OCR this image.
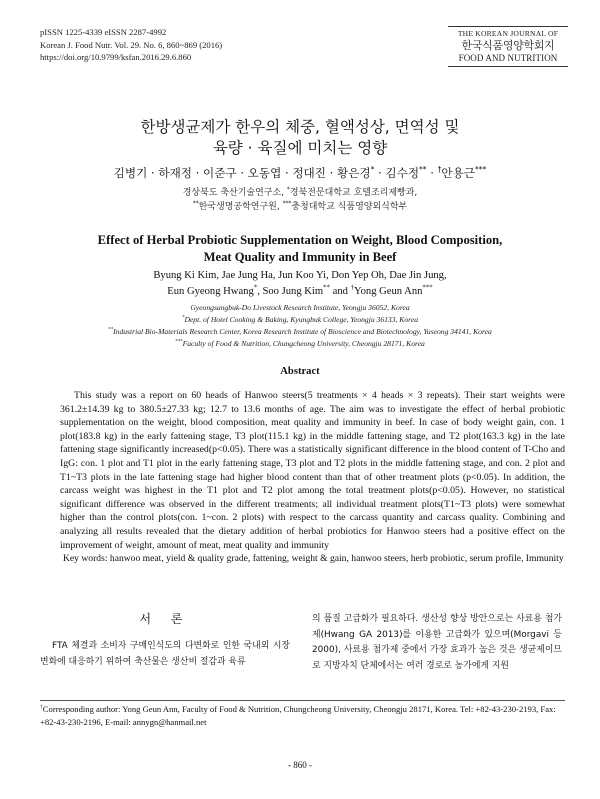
pISSN 1225-4339 eISSN 2287-4992
Korean J. Food Nutr. Vol. 29. No. 6, 860~869 (2016)
https://doi.org/10.9799/ksfan.2016.29.6.860
THE KOREAN JOURNAL OF
한국식품영양학회지
FOOD AND NUTRITION
한방생균제가 한우의 체중, 혈액성상, 면역성 및
육량 · 육질에 미치는 영향
김병기 · 하재정 · 이준구 · 오동엽 · 정대진 · 황은경* · 김수정** · †안용근***
경상북도 축산기술연구소, *경북전문대학교 호텔조리제빵과,
**한국생명공학연구원, ***충청대학교 식품영양외식학부
Effect of Herbal Probiotic Supplementation on Weight, Blood Composition,
Meat Quality and Immunity in Beef
Byung Ki Kim, Jae Jung Ha, Jun Koo Yi, Don Yep Oh, Dae Jin Jung,
Eun Gyeong Hwang*, Soo Jung Kim** and †Yong Geun Ann***
Gyeongsangbuk-Do Livestock Research Institute, Yeongju 36052, Korea
*Dept. of Hotel Cooking & Baking, Kyungbuk College, Yeongju 36133, Korea
**Industrial Bio-Materials Research Center, Korea Research Institute of Bioscience and Biotechnology, Yuseong 34141, Korea
***Faculty of Food & Nutrition, Chungcheong University, Cheongju 28171, Korea
Abstract
This study was a report on 60 heads of Hanwoo steers(5 treatments × 4 heads × 3 repeats). Their start weights were 361.2±14.39 kg to 380.5±27.33 kg; 12.7 to 13.6 months of age. The aim was to investigate the effect of herbal probiotic supplementation on the weight, blood composition, meat quality and immunity in beef. In case of body weight gain, con. 1 plot(183.8 kg) in the early fattening stage, T3 plot(115.1 kg) in the middle fattening stage, and T2 plot(163.3 kg) in the late fattening stage significantly increased(p<0.05). There was a statistically significant difference in the blood content of T-Cho and IgG: con. 1 plot and T1 plot in the early fattening stage, T3 plot and T2 plots in the middle fattening stage, and con. 2 plot and T1~T3 plots in the late fattening stage had higher blood content than that of other treatment plots (p<0.05). In addition, the carcass weight was highest in the T1 plot and T2 plot among the total treatment plots(p<0.05). However, no statistical significant difference was observed in the different treatments; all individual treatment plots(T1~T3 plots) were somewhat higher than the control plots(con. 1~con. 2 plots) with respect to the carcass quantity and carcass quality. Combining and analyzing all results revealed that the dietary addition of herbal probiotics for Hanwoo steers had a positive effect on the improvement of weight, amount of meat, meat quality and immunity
Key words: hanwoo meat, yield & quality grade, fattening, weight & gain, hanwoo steers, herb probiotic, serum profile, Immunity
서 론

FTA 체결과 소비자 구매인식도의 다변화로 인한 국내외 시장 변화에 대응하기 위하여 축산물은 생산비 절감과 육류

의 품질 고급화가 필요하다. 생산성 향상 방안으로는 사료용 첨가제(Hwang GA 2013)를 이용한 고급화가 있으며(Morgavi 등 2000), 사료용 첨가제 중에서 가장 효과가 높은 것은 생균제이므로 지방자치 단체에서는 여러 경로로 농가에게 지원

†Corresponding author: Yong Geun Ann, Faculty of Food & Nutrition, Chungcheong University, Cheongju 28171, Korea. Tel: +82-43-230-2193, Fax: +82-43-230-2196, E-mail: annygn@hanmail.net
- 860 -
